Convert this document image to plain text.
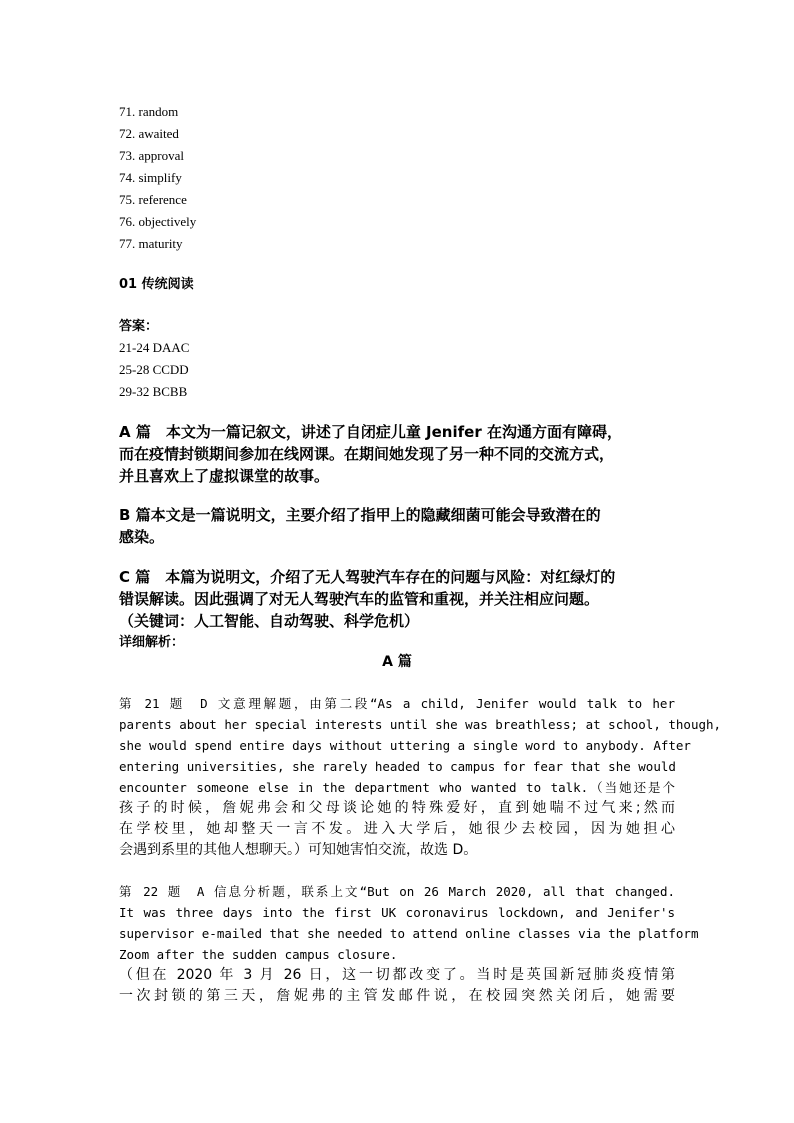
71. random
72. awaited
73. approval
74. simplify
75. reference
76. objectively
77. maturity
01 传统阅读
答案：
21-24 DAAC
25-28 CCDD
29-32 BCBB
A 篇　本文为一篇记叙文，讲述了自闭症儿童 Jenifer 在沟通方面有障碍，
而在疫情封锁期间参加在线网课。在期间她发现了另一种不同的交流方式，
并且喜欢上了虚拟课堂的故事。
B 篇本文是一篇说明文，主要介绍了指甲上的隐藏细菌可能会导致潜在的
感染。
C 篇　本篇为说明文，介绍了无人驾驶汽车存在的问题与风险：对红绿灯的
错误解读。因此强调了对无人驾驶汽车的监管和重视，并关注相应问题。
（关键词：人工智能、自动驾驶、科学危机）
详细解析：
A 篇
第 21 题　D 文意理解题，由第二段“As a child, Jenifer would talk to her
parents about her special interests until she was breathless; at school, though,
she would spend entire days without uttering a single word to anybody. After
entering universities, she rarely headed to campus for fear that she would
encounter someone else in the department who wanted to talk.（当她还是个
孩子的时候，詹妮弗会和父母谈论她的特殊爱好，直到她喘不过气来;然而
在学校里，她却整天一言不发。进入大学后，她很少去校园，因为她担心
会遇到系里的其他人想聊天。）可知她害怕交流，故选 D。
第 22 题　A 信息分析题，联系上文“But on 26 March 2020, all that changed.
It was three days into the first UK coronavirus lockdown, and Jenifer's
supervisor e-mailed that she needed to attend online classes via the platform
Zoom after the sudden campus closure.
（但在 2020 年 3 月 26 日，这一切都改变了。当时是英国新冠肺炎疫情第
一次封锁的第三天，詹妮弗的主管发邮件说，在校园突然关闭后，她需要
